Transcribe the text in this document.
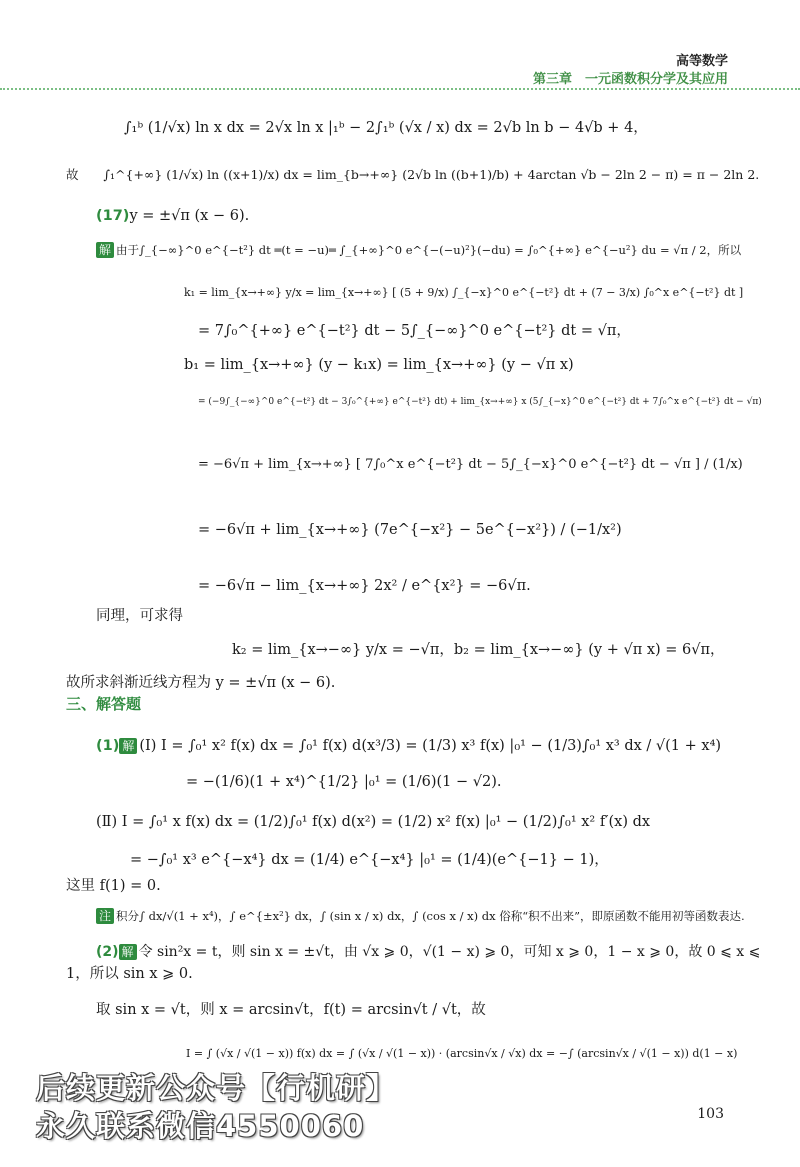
高等数学
第三章　一元函数积分学及其应用
∫₁ᵇ (1/√x) ln x dx = 2√x ln x |₁ᵇ − 2∫₁ᵇ (√x / x) dx = 2√b ln b − 4√b + 4，
故　　∫₁^{+∞} (1/√x) ln ((x+1)/x) dx = lim_{b→+∞} (2√b ln ((b+1)/b) + 4arctan √b − 2ln 2 − π) = π − 2ln 2.
(17)y = ±√π (x − 6).
解 由于∫_{−∞}^0 e^{−t²} dt ═(t = −u)═ ∫_{+∞}^0 e^{−(−u)²}(−du) = ∫₀^{+∞} e^{−u²} du = √π / 2，所以
k₁ = lim_{x→+∞} y/x = lim_{x→+∞} [ (5 + 9/x) ∫_{−x}^0 e^{−t²} dt + (7 − 3/x) ∫₀^x e^{−t²} dt ]
= 7∫₀^{+∞} e^{−t²} dt − 5∫_{−∞}^0 e^{−t²} dt = √π，
b₁ = lim_{x→+∞} (y − k₁x) = lim_{x→+∞} (y − √π x)
= (−9∫_{−∞}^0 e^{−t²} dt − 3∫₀^{+∞} e^{−t²} dt) + lim_{x→+∞} x (5∫_{−x}^0 e^{−t²} dt + 7∫₀^x e^{−t²} dt − √π)
= −6√π + lim_{x→+∞} [ 7∫₀^x e^{−t²} dt − 5∫_{−x}^0 e^{−t²} dt − √π ] / (1/x)
= −6√π + lim_{x→+∞} (7e^{−x²} − 5e^{−x²}) / (−1/x²)
= −6√π − lim_{x→+∞} 2x² / e^{x²} = −6√π.
同理，可求得
k₂ = lim_{x→−∞} y/x = −√π，b₂ = lim_{x→−∞} (y + √π x) = 6√π，
故所求斜渐近线方程为 y = ±√π (x − 6).
三、解答题
(1) 解 (Ⅰ) I = ∫₀¹ x² f(x) dx = ∫₀¹ f(x) d(x³/3) = (1/3) x³ f(x) |₀¹ − (1/3)∫₀¹ x³ dx / √(1 + x⁴)
= −(1/6)(1 + x⁴)^{1/2} |₀¹ = (1/6)(1 − √2).
(Ⅱ) I = ∫₀¹ x f(x) dx = (1/2)∫₀¹ f(x) d(x²) = (1/2) x² f(x) |₀¹ − (1/2)∫₀¹ x² f′(x) dx
= −∫₀¹ x³ e^{−x⁴} dx = (1/4) e^{−x⁴} |₀¹ = (1/4)(e^{−1} − 1)，
这里 f(1) = 0.
注 积分∫ dx/√(1 + x⁴)，∫ e^{±x²} dx，∫ (sin x / x) dx，∫ (cos x / x) dx 俗称“积不出来”，即原函数不能用初等函数表达.
(2) 解 令 sin²x = t，则 sin x = ±√t，由 √x ⩾ 0，√(1 − x) ⩾ 0，可知 x ⩾ 0，1 − x ⩾ 0，故 0 ⩽ x ⩽
1，所以 sin x ⩾ 0.
取 sin x = √t，则 x = arcsin√t，f(t) = arcsin√t / √t，故
I = ∫ (√x / √(1 − x)) f(x) dx = ∫ (√x / √(1 − x)) · (arcsin√x / √x) dx = −∫ (arcsin√x / √(1 − x)) d(1 − x)
103
后续更新公众号【行机研】
永久联系微信4550060
